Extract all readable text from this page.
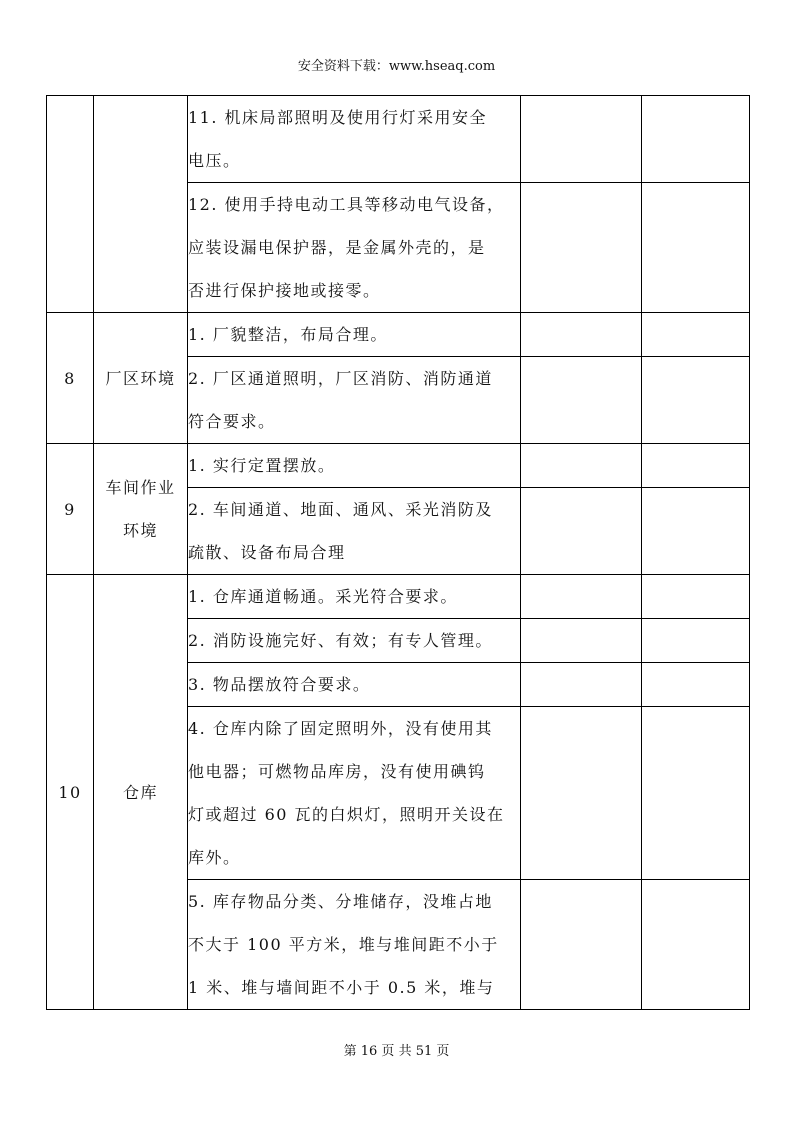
安全资料下载：www.hseaq.com

		11. 机床局部照明及使用行灯采用安全
电压。		

		12. 使用手持电动工具等移动电气设备，
应装设漏电保护器，是金属外壳的，是
否进行保护接地或接零。		

8	厂区环境	1. 厂貌整洁，布局合理。		

		2. 厂区通道照明，厂区消防、消防通道
符合要求。		

9	车间作业
环境	1. 实行定置摆放。		

		2. 车间通道、地面、通风、采光消防及
疏散、设备布局合理		

10	仓库	1. 仓库通道畅通。采光符合要求。		

		2. 消防设施完好、有效；有专人管理。		

		3. 物品摆放符合要求。		

		4. 仓库内除了固定照明外，没有使用其
他电器；可燃物品库房，没有使用碘钨
灯或超过 60 瓦的白炽灯，照明开关设在
库外。		

		5. 库存物品分类、分堆储存，没堆占地
不大于 100 平方米，堆与堆间距不小于
1 米、堆与墙间距不小于 0.5 米，堆与		

第 16 页 共 51 页
